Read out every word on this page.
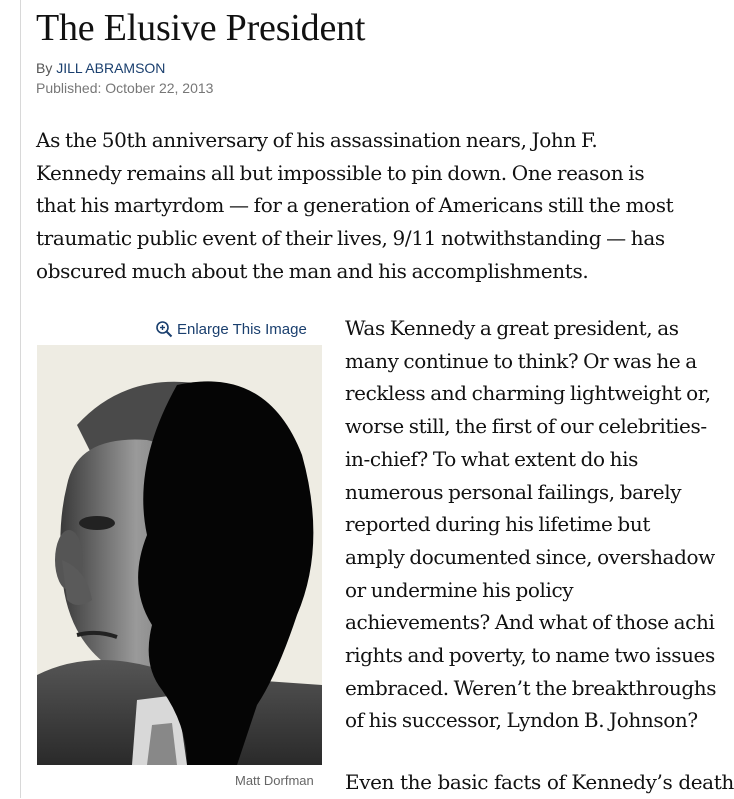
The Elusive President
By JILL ABRAMSON
Published: October 22, 2013

As the 50th anniversary of his assassination nears, John F.
Kennedy remains all but impossible to pin down. One reason is
that his martyrdom — for a generation of Americans still the most
traumatic public event of their lives, 9/11 notwithstanding — has
obscured much about the man and his accomplishments.

Enlarge This Image
Matt Dorfman

Was Kennedy a great president, as
many continue to think? Or was he a
reckless and charming lightweight or,
worse still, the first of our celebrities-
in-chief? To what extent do his
numerous personal failings, barely
reported during his lifetime but
amply documented since, overshadow
or undermine his policy
achievements? And what of those achi
rights and poverty, to name two issues
embraced. Weren’t the breakthroughs
of his successor, Lyndon B. Johnson?

Even the basic facts of Kennedy’s death
